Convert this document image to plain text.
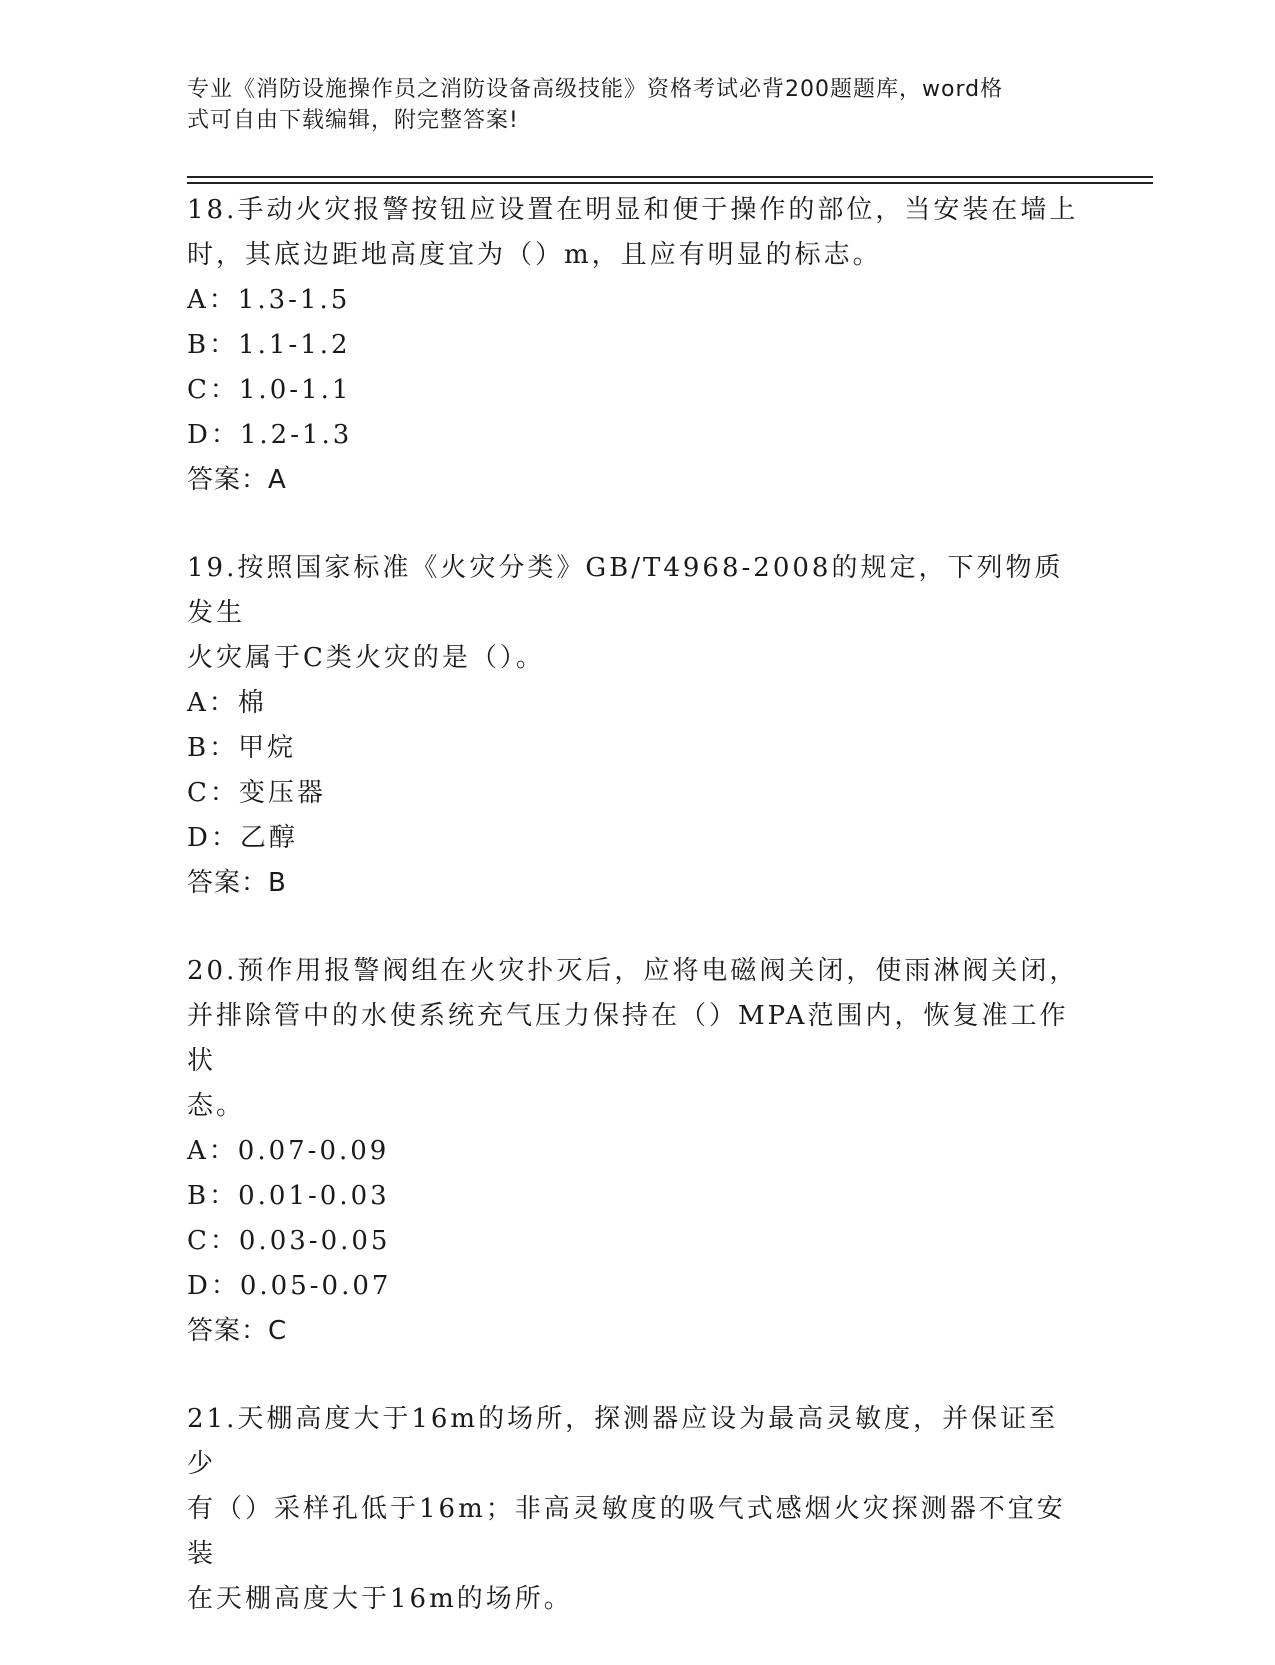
专业《消防设施操作员之消防设备高级技能》资格考试必背200题题库，word格
式可自由下载编辑，附完整答案!

18.手动火灾报警按钮应设置在明显和便于操作的部位，当安装在墙上

时，其底边距地高度宜为（）m，且应有明显的标志。

A：1.3-1.5

B：1.1-1.2

C：1.0-1.1

D：1.2-1.3

答案：A

19.按照国家标准《火灾分类》GB/T4968-2008的规定，下列物质发生

火灾属于C类火灾的是（）。

A：棉

B：甲烷

C：变压器

D：乙醇

答案：B

20.预作用报警阀组在火灾扑灭后，应将电磁阀关闭，使雨淋阀关闭，

并排除管中的水使系统充气压力保持在（）MPA范围内，恢复准工作状

态。

A：0.07-0.09

B：0.01-0.03

C：0.03-0.05

D：0.05-0.07

答案：C

21.天棚高度大于16m的场所，探测器应设为最高灵敏度，并保证至少

有（）采样孔低于16m；非高灵敏度的吸气式感烟火灾探测器不宜安装

在天棚高度大于16m的场所。
